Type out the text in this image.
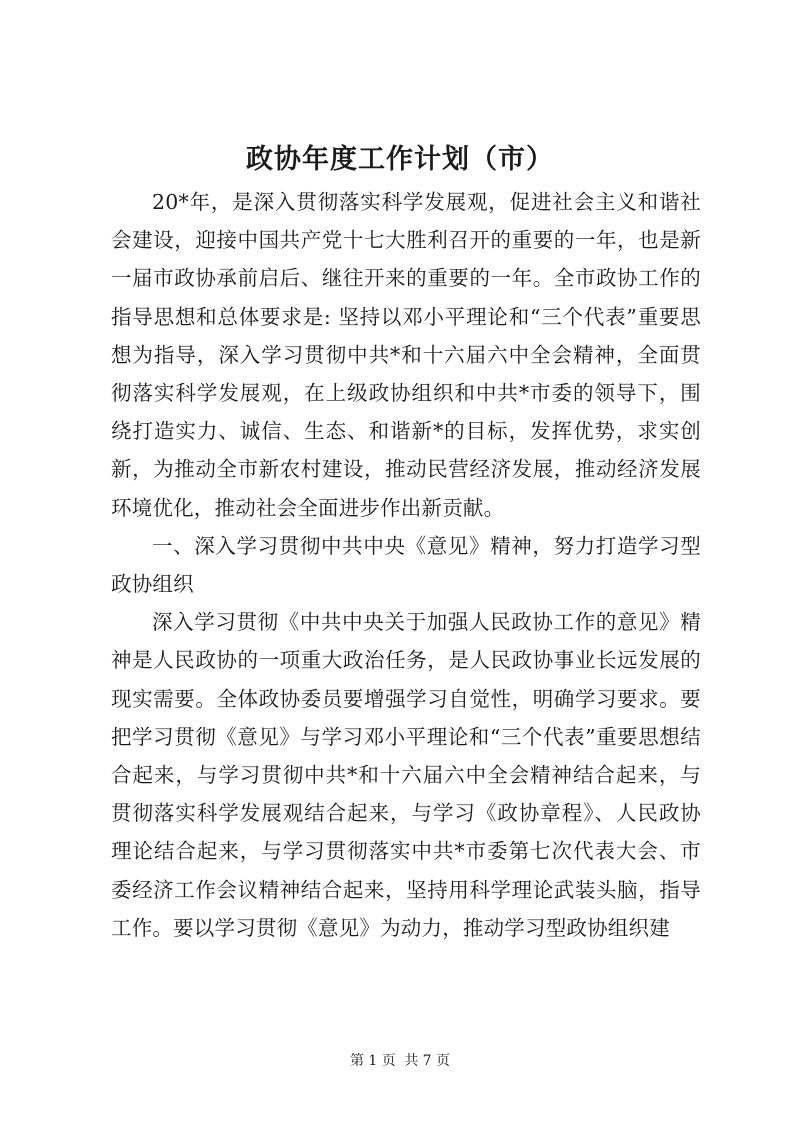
政协年度工作计划（市）

20*年，是深入贯彻落实科学发展观，促进社会主义和谐社会建设，迎接中国共产党十七大胜利召开的重要的一年，也是新一届市政协承前启后、继往开来的重要的一年。全市政协工作的指导思想和总体要求是: 坚持以邓小平理论和“三个代表”重要思想为指导，深入学习贯彻中共*和十六届六中全会精神，全面贯彻落实科学发展观，在上级政协组织和中共*市委的领导下，围绕打造实力、诚信、生态、和谐新*的目标，发挥优势，求实创新，为推动全市新农村建设，推动民营经济发展，推动经济发展环境优化，推动社会全面进步作出新贡献。

一、深入学习贯彻中共中央《意见》精神，努力打造学习型政协组织

深入学习贯彻《中共中央关于加强人民政协工作的意见》精神是人民政协的一项重大政治任务，是人民政协事业长远发展的现实需要。全体政协委员要增强学习自觉性，明确学习要求。要把学习贯彻《意见》与学习邓小平理论和“三个代表”重要思想结合起来，与学习贯彻中共*和十六届六中全会精神结合起来，与贯彻落实科学发展观结合起来，与学习《政协章程》、人民政协理论结合起来，与学习贯彻落实中共*市委第七次代表大会、市委经济工作会议精神结合起来，坚持用科学理论武装头脑，指导工作。要以学习贯彻《意见》为动力，推动学习型政协组织建

第 1 页 共 7 页
